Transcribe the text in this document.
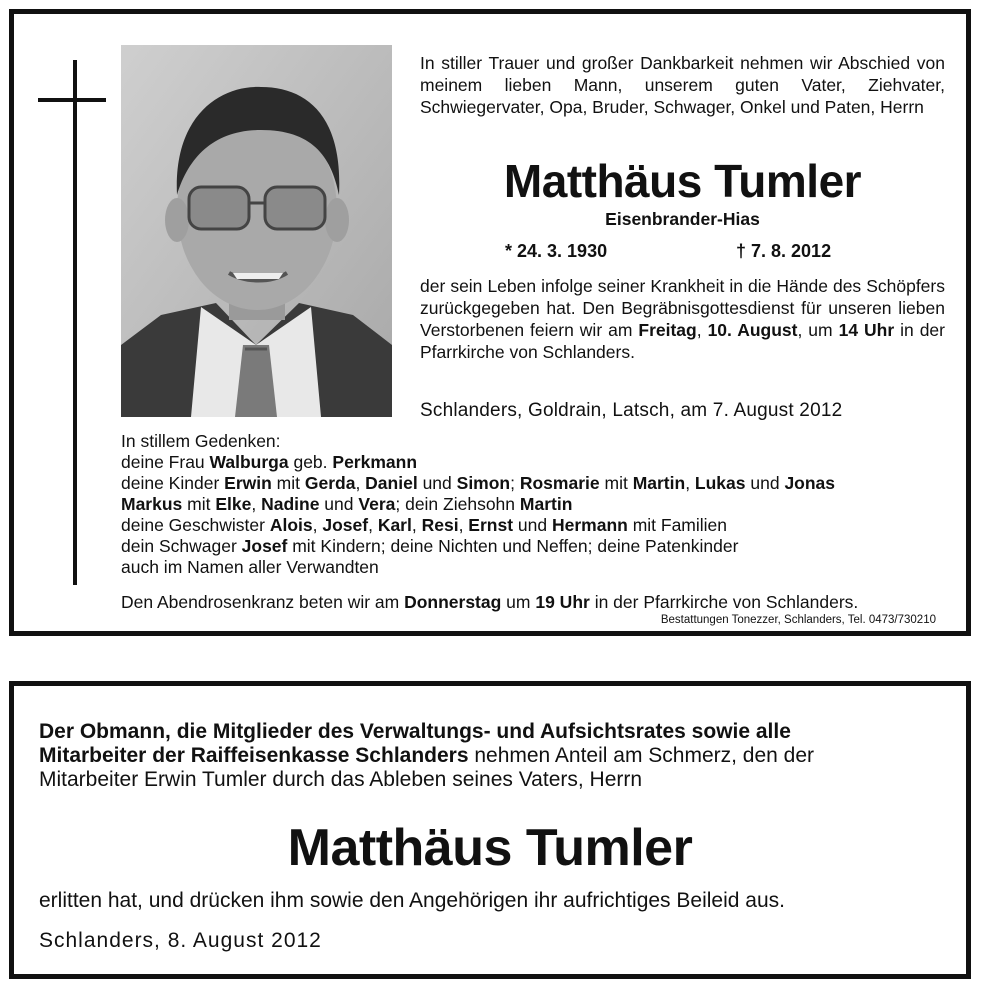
In stiller Trauer und großer Dankbarkeit nehmen wir Abschied von meinem lieben Mann, unserem guten Vater, Ziehvater, Schwiegervater, Opa, Bruder, Schwager, Onkel und Paten, Herrn

Matthäus Tumler
Eisenbrander-Hias
* 24. 3. 1930	† 7. 8. 2012

der sein Leben infolge seiner Krankheit in die Hände des Schöpfers zurückgegeben hat. Den Begräbnisgottesdienst für unseren lieben Verstorbenen feiern wir am Freitag, 10. August, um 14 Uhr in der Pfarrkirche von Schlanders.

Schlanders, Goldrain, Latsch, am 7. August 2012
In stillem Gedenken:
deine Frau Walburga geb. Perkmann
deine Kinder Erwin mit Gerda, Daniel und Simon; Rosmarie mit Martin, Lukas und Jonas
Markus mit Elke, Nadine und Vera; dein Ziehsohn Martin
deine Geschwister Alois, Josef, Karl, Resi, Ernst und Hermann mit Familien
dein Schwager Josef mit Kindern; deine Nichten und Neffen; deine Patenkinder
auch im Namen aller Verwandten
Den Abendrosenkranz beten wir am Donnerstag um 19 Uhr in der Pfarrkirche von Schlanders.
Bestattungen Tonezzer, Schlanders, Tel. 0473/730210
Der Obmann, die Mitglieder des Verwaltungs- und Aufsichtsrates sowie alle
Mitarbeiter der Raiffeisenkasse Schlanders nehmen Anteil am Schmerz, den der
Mitarbeiter Erwin Tumler durch das Ableben seines Vaters, Herrn
Matthäus Tumler
erlitten hat, und drücken ihm sowie den Angehörigen ihr aufrichtiges Beileid aus.
Schlanders, 8. August 2012
